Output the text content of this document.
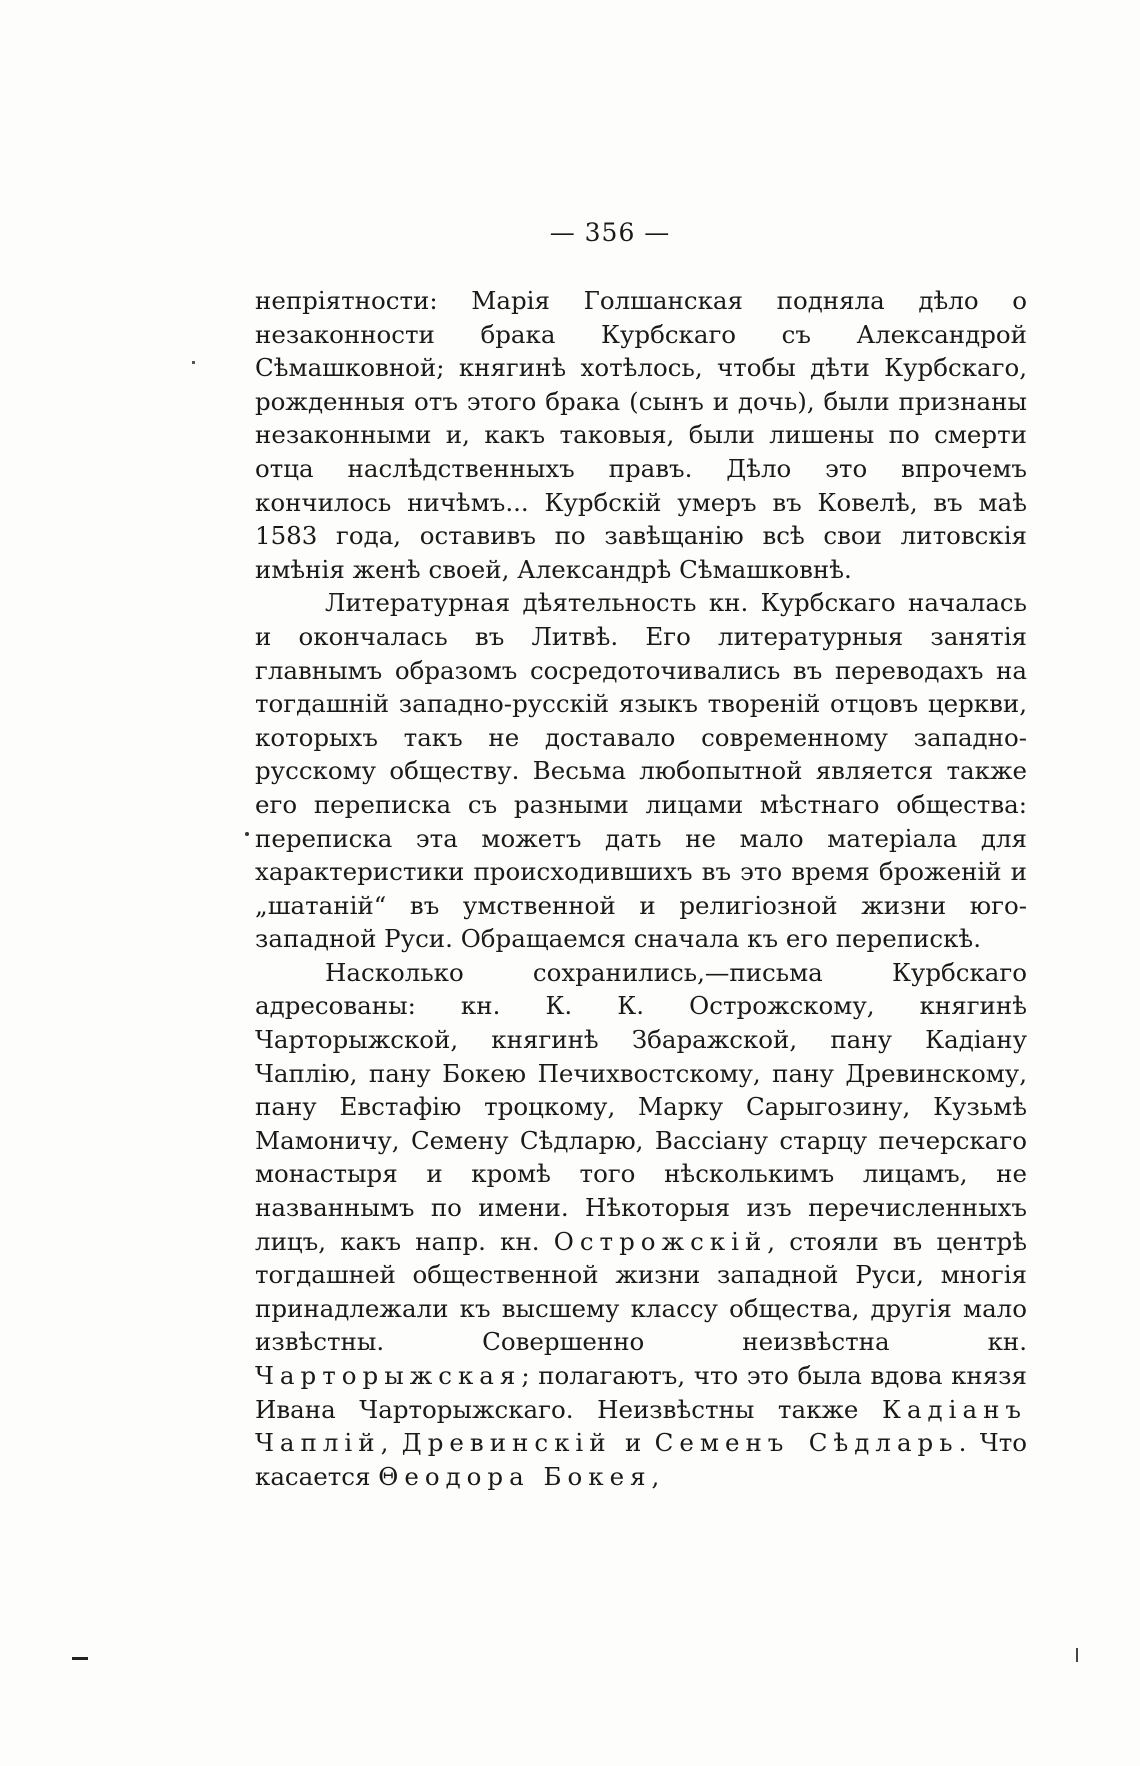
— 356 —

непріятности: Марія Голшанская подняла дѣло о незаконности брака Курбскаго съ Александрой Сѣмашковной; княгинѣ хотѣлось, чтобы дѣти Курбскаго, рожденныя отъ этого брака (сынъ и дочь), были признаны незаконными и, какъ таковыя, были лишены по смерти отца наслѣдственныхъ правъ. Дѣло это впрочемъ кончилось ничѣмъ... Курбскій умеръ въ Ковелѣ, въ маѣ 1583 года, оставивъ по завѣщанію всѣ свои литовскія имѣнія женѣ своей, Александрѣ Сѣмашковнѣ.

Литературная дѣятельность кн. Курбскаго началась и окончалась въ Литвѣ. Его литературныя занятія главнымъ образомъ сосредоточивались въ переводахъ на тогдашній западно-русскій языкъ твореній отцовъ церкви, которыхъ такъ не доставало современному западно-русскому обществу. Весьма любопытной является также его переписка съ разными лицами мѣстнаго общества: переписка эта можетъ дать не мало матеріала для характеристики происходившихъ въ это время броженій и „шатаній“ въ умственной и религіозной жизни юго-западной Руси. Обращаемся сначала къ его перепискѣ.

Насколько сохранились,—письма Курбскаго адресованы: кн. К. К. Острожскому, княгинѣ Чарторыжской, княгинѣ Збаражской, пану Кадіану Чаплію, пану Бокею Печихвостскому, пану Древинскому, пану Евстафію троцкому, Марку Сарыгозину, Кузьмѣ Мамоничу, Семену Сѣдларю, Вассіану старцу печерскаго монастыря и кромѣ того нѣсколькимъ лицамъ, не названнымъ по имени. Нѣкоторыя изъ перечисленныхъ лицъ, какъ напр. кн. Острожскій, стояли въ центрѣ тогдашней общественной жизни западной Руси, многія принадлежали къ высшему классу общества, другія мало извѣстны. Совершенно неизвѣстна кн. Чарторыжская; полагаютъ, что это была вдова князя Ивана Чарторыжскаго. Неизвѣстны также Кадіанъ Чаплій, Древинскій и Семенъ Сѣдларь. Что касается Θеодора Бокея,
